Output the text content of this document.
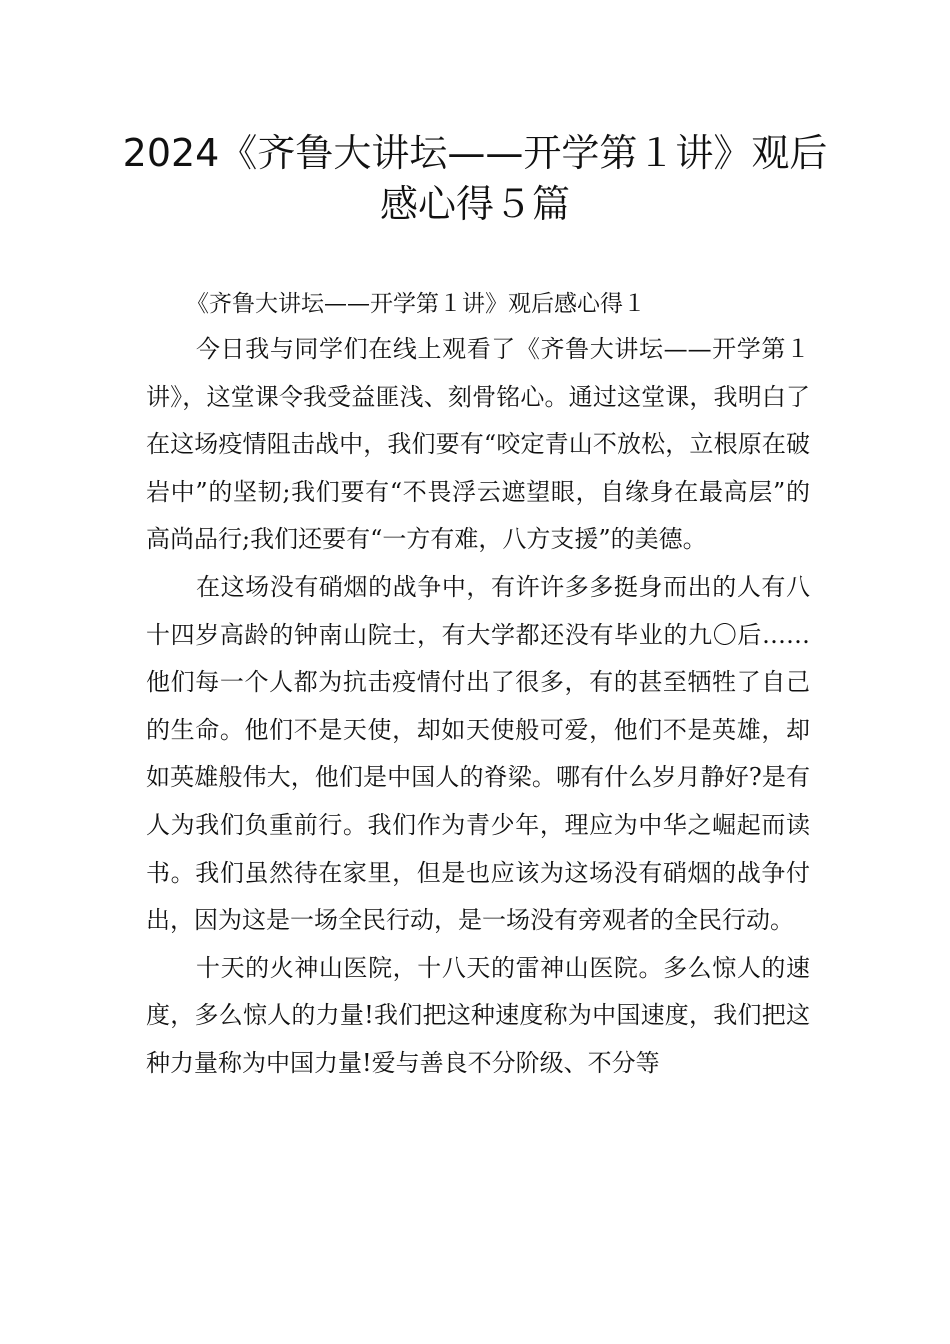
2024《齐鲁大讲坛——开学第１讲》观后感心得５篇

《齐鲁大讲坛——开学第１讲》观后感心得１

今日我与同学们在线上观看了《齐鲁大讲坛——开学第１讲》，这堂课令我受益匪浅、刻骨铭心。通过这堂课，我明白了在这场疫情阻击战中，我们要有“咬定青山不放松，立根原在破岩中”的坚韧;我们要有“不畏浮云遮望眼，自缘身在最高层”的高尚品行;我们还要有“一方有难，八方支援”的美德。

在这场没有硝烟的战争中，有许许多多挺身而出的人有八十四岁高龄的钟南山院士，有大学都还没有毕业的九〇后……他们每一个人都为抗击疫情付出了很多，有的甚至牺牲了自己的生命。他们不是天使，却如天使般可爱，他们不是英雄，却如英雄般伟大，他们是中国人的脊梁。哪有什么岁月静好?是有人为我们负重前行。我们作为青少年，理应为中华之崛起而读书。我们虽然待在家里，但是也应该为这场没有硝烟的战争付出，因为这是一场全民行动，是一场没有旁观者的全民行动。

十天的火神山医院，十八天的雷神山医院。多么惊人的速度，多么惊人的力量!我们把这种速度称为中国速度，我们把这种力量称为中国力量!爱与善良不分阶级、不分等
